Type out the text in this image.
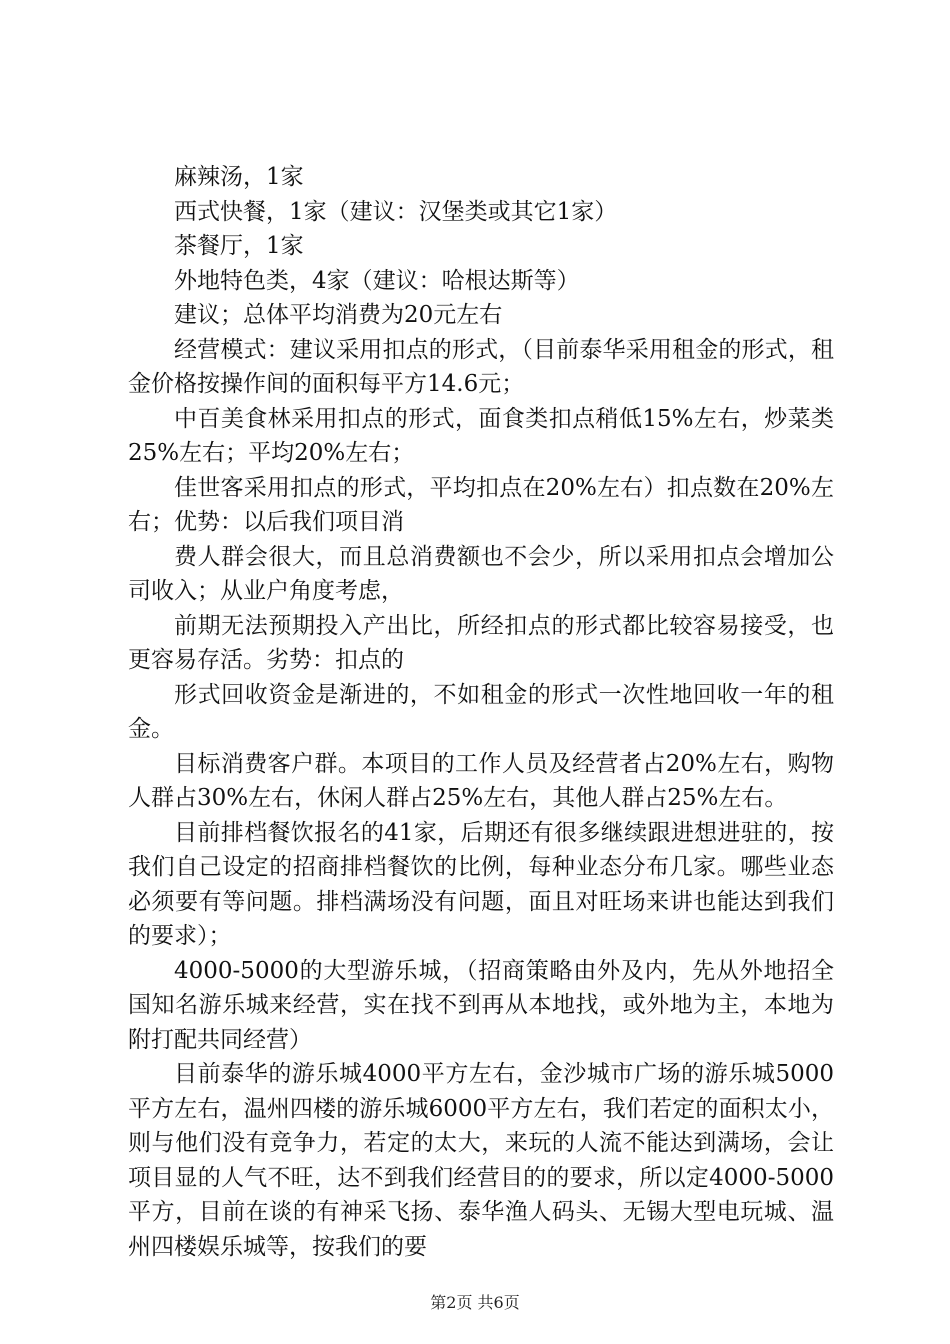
麻辣汤，1家

西式快餐，1家（建议：汉堡类或其它1家）

茶餐厅，1家

外地特色类，4家（建议：哈根达斯等）

建议；总体平均消费为20元左右

经营模式：建议采用扣点的形式，（目前泰华采用租金的形式，租金价格按操作间的面积每平方14.6元；

中百美食林采用扣点的形式，面食类扣点稍低15%左右，炒菜类25%左右；平均20%左右；

佳世客采用扣点的形式，平均扣点在20%左右）扣点数在20%左右；优势：以后我们项目消

费人群会很大，而且总消费额也不会少，所以采用扣点会增加公司收入；从业户角度考虑，

前期无法预期投入产出比，所经扣点的形式都比较容易接受，也更容易存活。劣势：扣点的

形式回收资金是渐进的，不如租金的形式一次性地回收一年的租金。

目标消费客户群。本项目的工作人员及经营者占20%左右，购物人群占30%左右，休闲人群占25%左右，其他人群占25%左右。

目前排档餐饮报名的41家，后期还有很多继续跟进想进驻的，按我们自己设定的招商排档餐饮的比例，每种业态分布几家。哪些业态必须要有等问题。排档满场没有问题，面且对旺场来讲也能达到我们的要求）；

4000-5000的大型游乐城，（招商策略由外及内，先从外地招全国知名游乐城来经营，实在找不到再从本地找，或外地为主，本地为附打配共同经营）

目前泰华的游乐城4000平方左右，金沙城市广场的游乐城5000平方左右，温州四楼的游乐城6000平方左右，我们若定的面积太小，则与他们没有竞争力，若定的太大，来玩的人流不能达到满场，会让项目显的人气不旺，达不到我们经营目的的要求，所以定4000-5000平方，目前在谈的有神采飞扬、泰华渔人码头、无锡大型电玩城、温州四楼娱乐城等，按我们的要

第2页 共6页
